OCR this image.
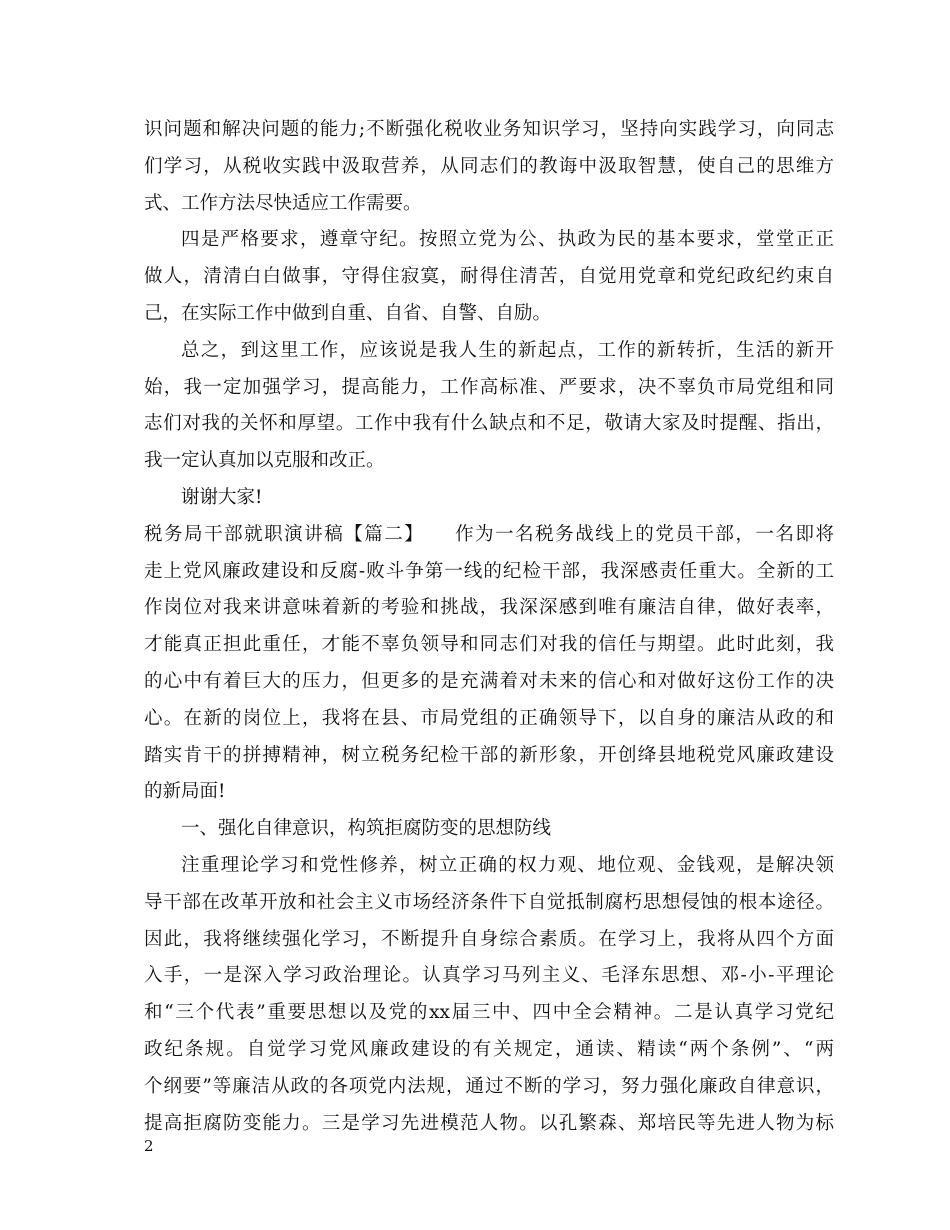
识问题和解决问题的能力;不断强化税收业务知识学习，坚持向实践学习，向同志
们学习，从税收实践中汲取营养，从同志们的教诲中汲取智慧，使自己的思维方
式、工作方法尽快适应工作需要。
四是严格要求，遵章守纪。按照立党为公、执政为民的基本要求，堂堂正正
做人，清清白白做事，守得住寂寞，耐得住清苦，自觉用党章和党纪政纪约束自
己，在实际工作中做到自重、自省、自警、自励。
总之，到这里工作，应该说是我人生的新起点，工作的新转折，生活的新开
始，我一定加强学习，提高能力，工作高标准、严要求，决不辜负市局党组和同
志们对我的关怀和厚望。工作中我有什么缺点和不足，敬请大家及时提醒、指出，
我一定认真加以克服和改正。
谢谢大家!
税务局干部就职演讲稿【篇二】　　作为一名税务战线上的党员干部，一名即将
走上党风廉政建设和反腐-败斗争第一线的纪检干部，我深感责任重大。全新的工
作岗位对我来讲意味着新的考验和挑战，我深深感到唯有廉洁自律，做好表率，
才能真正担此重任，才能不辜负领导和同志们对我的信任与期望。此时此刻，我
的心中有着巨大的压力，但更多的是充满着对未来的信心和对做好这份工作的决
心。在新的岗位上，我将在县、市局党组的正确领导下，以自身的廉洁从政的和
踏实肯干的拼搏精神，树立税务纪检干部的新形象，开创绛县地税党风廉政建设
的新局面!
一、强化自律意识，构筑拒腐防变的思想防线
注重理论学习和党性修养，树立正确的权力观、地位观、金钱观，是解决领
导干部在改革开放和社会主义市场经济条件下自觉抵制腐朽思想侵蚀的根本途径。
因此，我将继续强化学习，不断提升自身综合素质。在学习上，我将从四个方面
入手，一是深入学习政治理论。认真学习马列主义、毛泽东思想、邓-小-平理论
和“三个代表”重要思想以及党的xx届三中、四中全会精神。二是认真学习党纪
政纪条规。自觉学习党风廉政建设的有关规定，通读、精读“两个条例”、“两
个纲要”等廉洁从政的各项党内法规，通过不断的学习，努力强化廉政自律意识，
提高拒腐防变能力。三是学习先进模范人物。以孔繁森、郑培民等先进人物为标
2
